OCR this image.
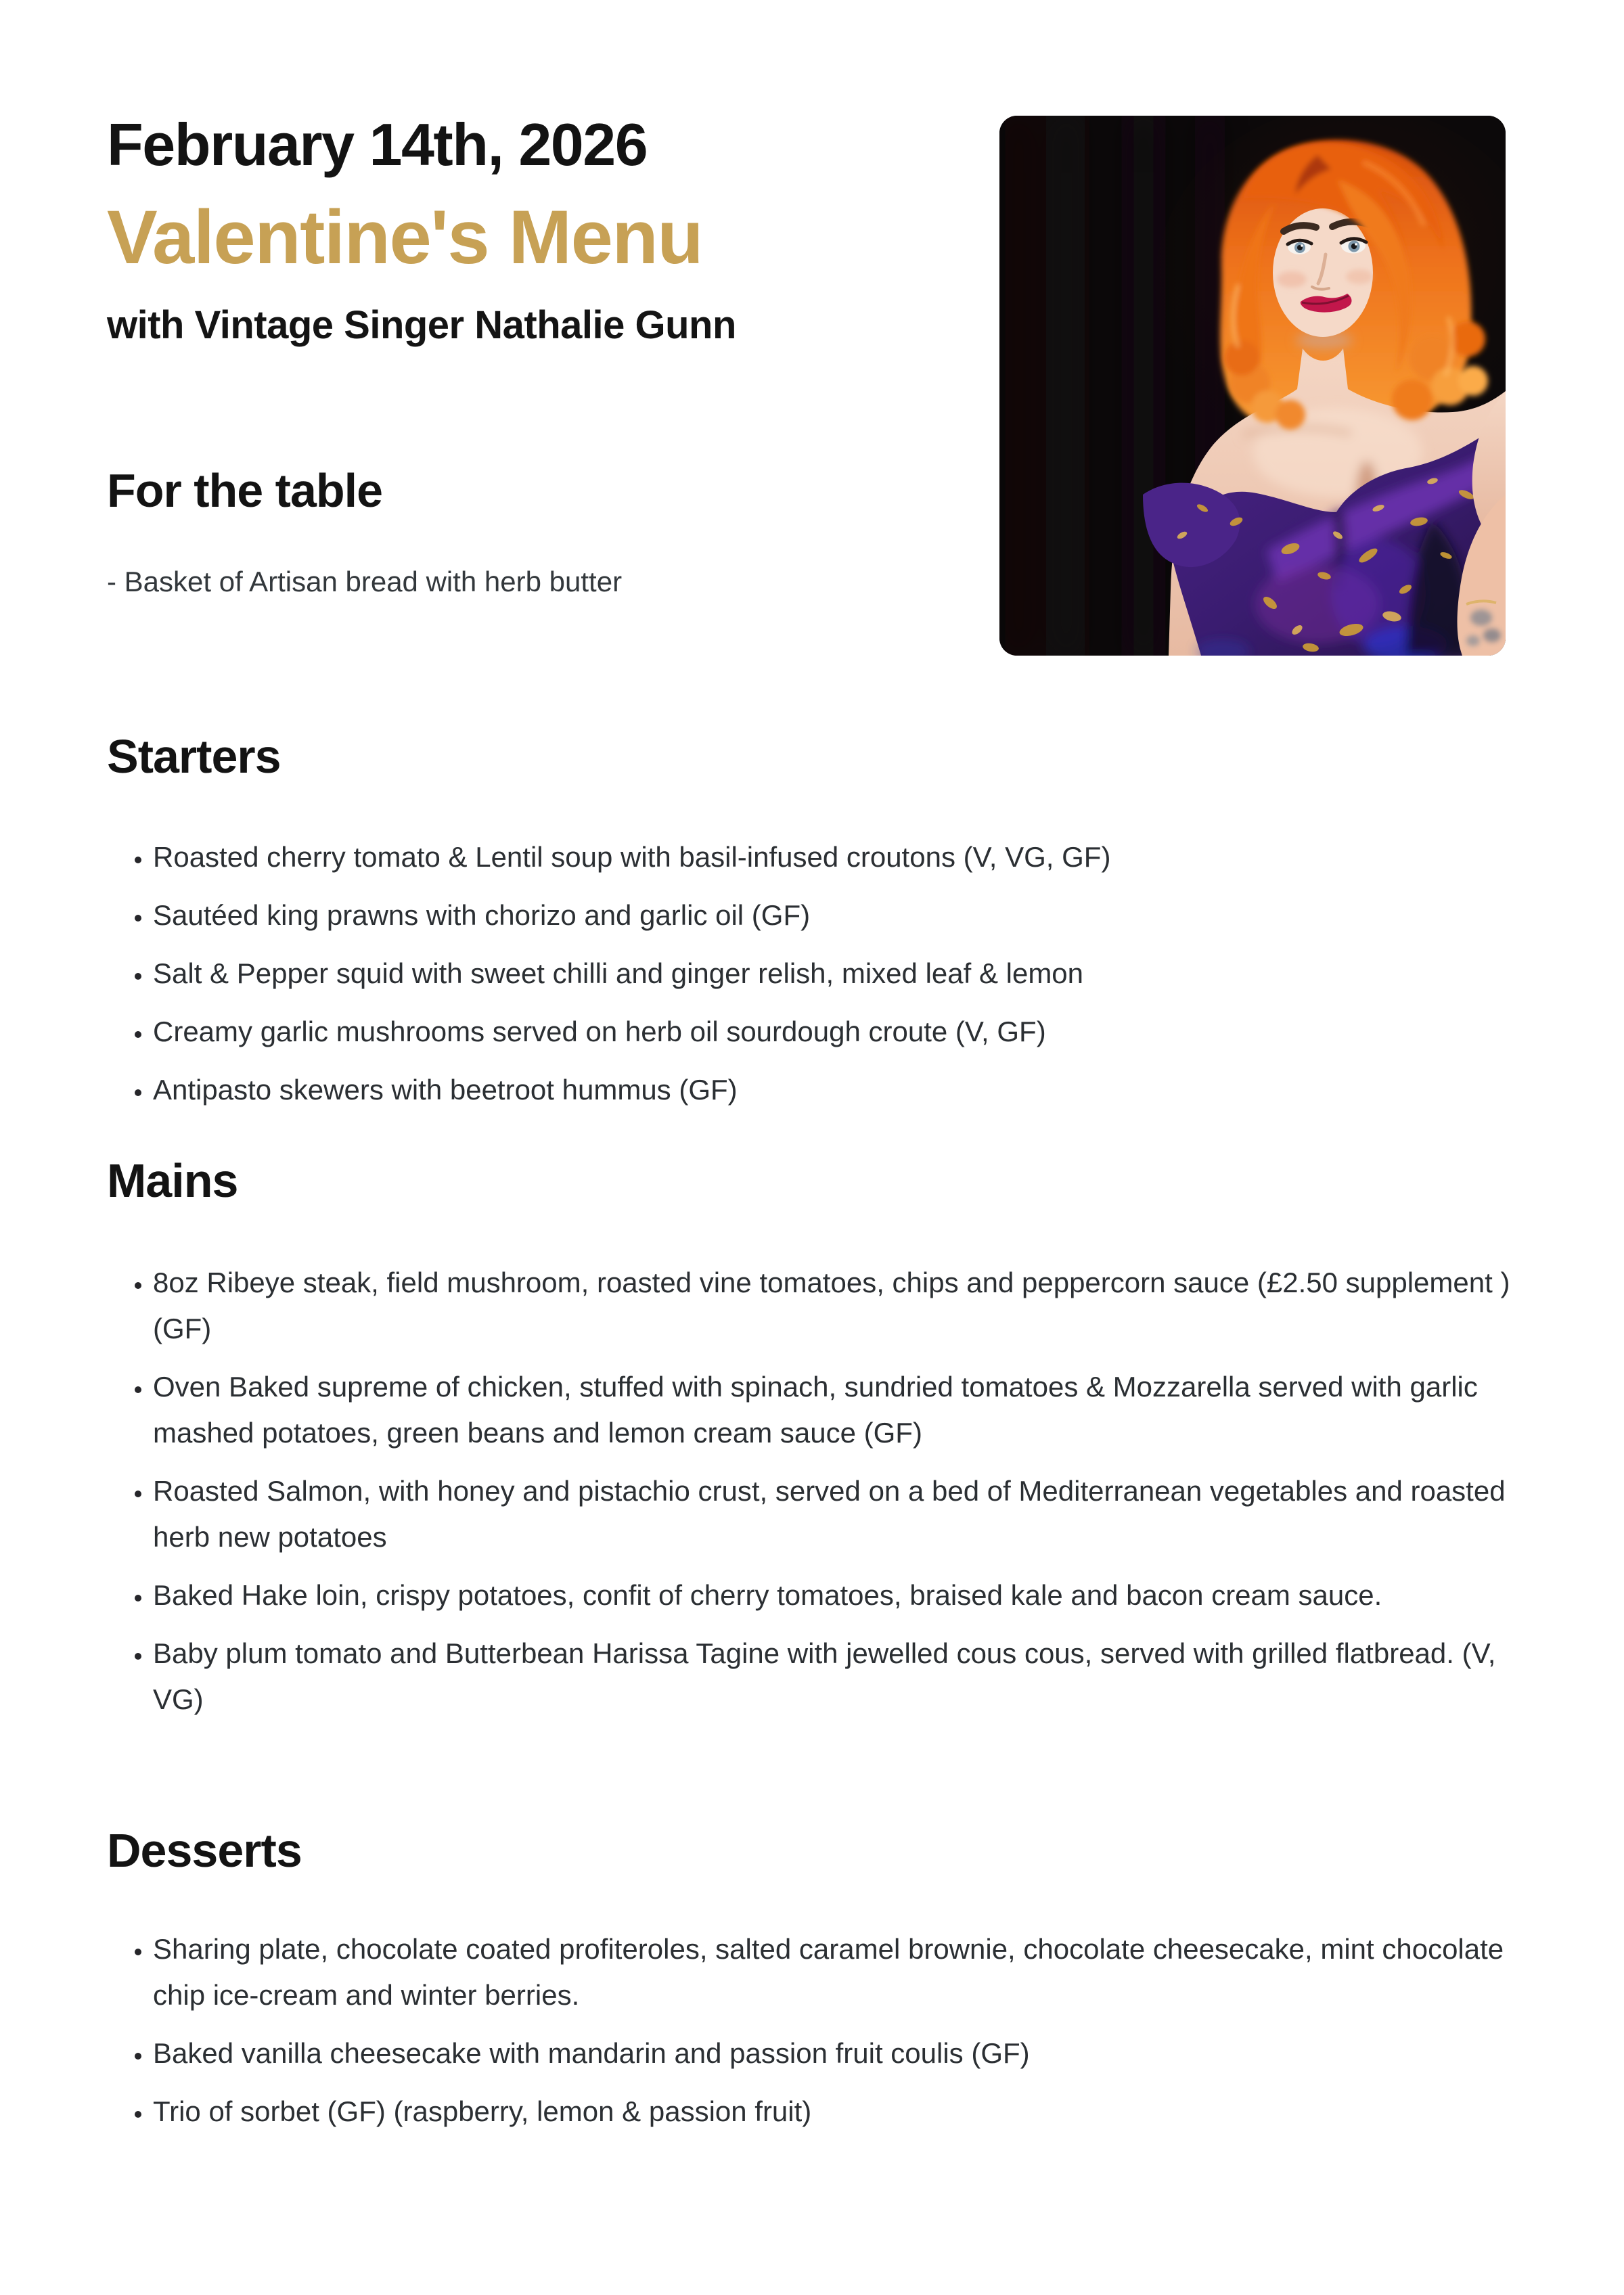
February 14th, 2026
Valentine's Menu
with Vintage Singer Nathalie Gunn
For the table

- Basket of Artisan bread with herb butter

Starters
• Roasted cherry tomato & Lentil soup with basil-infused croutons (V, VG, GF)
• Sautéed king prawns with chorizo and garlic oil (GF)
• Salt & Pepper squid with sweet chilli and ginger relish, mixed leaf & lemon
• Creamy garlic mushrooms served on herb oil sourdough croute (V, GF)
• Antipasto skewers with beetroot hummus (GF)
Mains
• 8oz Ribeye steak, field mushroom, roasted vine tomatoes, chips and peppercorn sauce (£2.50 supplement )(GF)
• Oven Baked supreme of chicken, stuffed with spinach, sundried tomatoes & Mozzarella served with garlic mashed potatoes, green beans and lemon cream sauce (GF)
• Roasted Salmon, with honey and pistachio crust, served on a bed of Mediterranean vegetables and roasted herb new potatoes
• Baked Hake loin, crispy potatoes, confit of cherry tomatoes, braised kale and bacon cream sauce.
• Baby plum tomato and Butterbean Harissa Tagine with jewelled cous cous, served with grilled flatbread. (V, VG)
Desserts
• Sharing plate, chocolate coated profiteroles, salted caramel brownie, chocolate cheesecake, mint chocolate chip ice-cream and winter berries.
• Baked vanilla cheesecake with mandarin and passion fruit coulis (GF)
• Trio of sorbet (GF) (raspberry, lemon & passion fruit)
